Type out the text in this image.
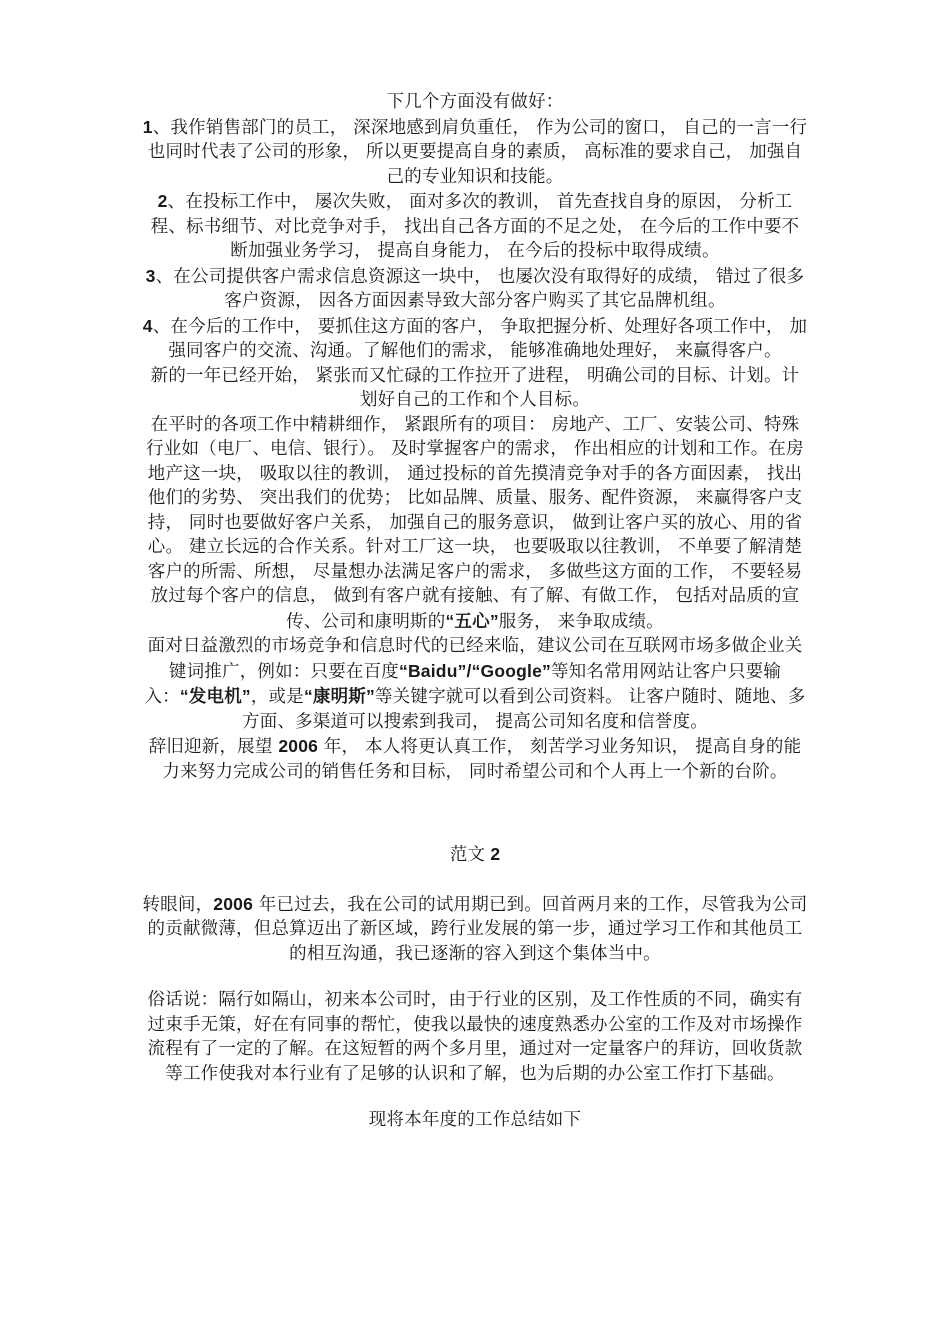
下几个方面没有做好：

1、我作销售部门的员工， 深深地感到肩负重任， 作为公司的窗口， 自己的一言一行也同时代表了公司的形象， 所以更要提高自身的素质， 高标准的要求自己， 加强自己的专业知识和技能。

2、在投标工作中， 屡次失败， 面对多次的教训， 首先查找自身的原因， 分析工程、标书细节、对比竞争对手， 找出自己各方面的不足之处， 在今后的工作中要不断加强业务学习， 提高自身能力， 在今后的投标中取得成绩。

3、在公司提供客户需求信息资源这一块中， 也屡次没有取得好的成绩， 错过了很多客户资源， 因各方面因素导致大部分客户购买了其它品牌机组。

4、在今后的工作中， 要抓住这方面的客户， 争取把握分析、处理好各项工作中， 加强同客户的交流、沟通。了解他们的需求， 能够准确地处理好， 来赢得客户。

新的一年已经开始， 紧张而又忙碌的工作拉开了进程， 明确公司的目标、计划。计划好自己的工作和个人目标。

在平时的各项工作中精耕细作， 紧跟所有的项目： 房地产、工厂、安装公司、特殊行业如（电厂、电信、银行）。 及时掌握客户的需求， 作出相应的计划和工作。在房地产这一块， 吸取以往的教训， 通过投标的首先摸清竞争对手的各方面因素， 找出他们的劣势、 突出我们的优势； 比如品牌、质量、服务、配件资源， 来赢得客户支持， 同时也要做好客户关系， 加强自己的服务意识， 做到让客户买的放心、用的省心。 建立长远的合作关系。针对工厂这一块， 也要吸取以往教训， 不单要了解清楚客户的所需、所想， 尽量想办法满足客户的需求， 多做些这方面的工作， 不要轻易放过每个客户的信息， 做到有客户就有接触、有了解、有做工作， 包括对品质的宣传、公司和康明斯的“五心”服务， 来争取成绩。

面对日益激烈的市场竞争和信息时代的已经来临，建议公司在互联网市场多做企业关键词推广，例如：只要在百度“Baidu”/“Google”等知名常用网站让客户只要输入：“发电机”，或是“康明斯”等关键字就可以看到公司资料。 让客户随时、随地、多方面、多渠道可以搜索到我司， 提高公司知名度和信誉度。

辞旧迎新，展望 2006 年， 本人将更认真工作， 刻苦学习业务知识， 提高自身的能力来努力完成公司的销售任务和目标， 同时希望公司和个人再上一个新的台阶。

范文 2

转眼间，2006 年已过去，我在公司的试用期已到。回首两月来的工作，尽管我为公司的贡献微薄，但总算迈出了新区域，跨行业发展的第一步，通过学习工作和其他员工的相互沟通，我已逐渐的容入到这个集体当中。

俗话说：隔行如隔山，初来本公司时，由于行业的区别，及工作性质的不同，确实有过束手无策，好在有同事的帮忙，使我以最快的速度熟悉办公室的工作及对市场操作流程有了一定的了解。在这短暂的两个多月里，通过对一定量客户的拜访，回收货款等工作使我对本行业有了足够的认识和了解，也为后期的办公室工作打下基础。

现将本年度的工作总结如下
